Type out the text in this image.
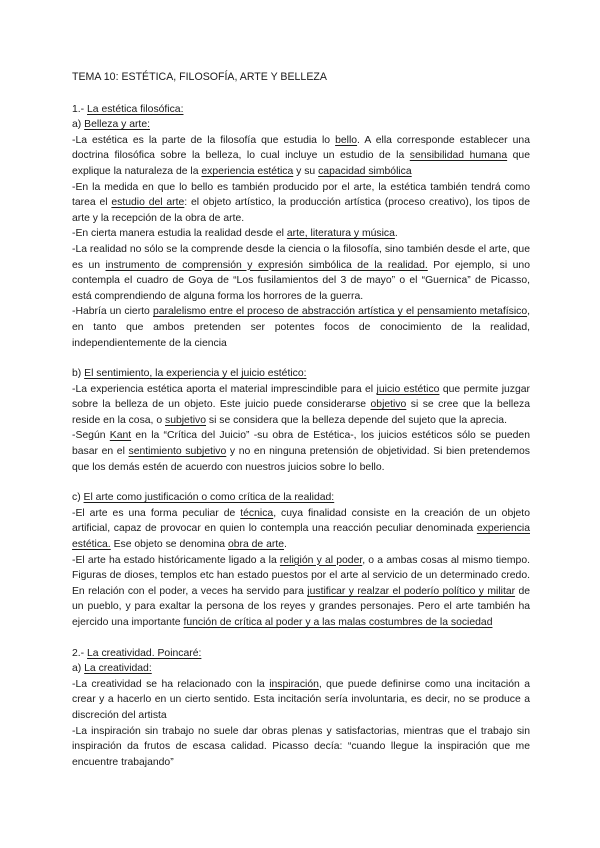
TEMA 10: ESTÉTICA, FILOSOFÍA, ARTE Y BELLEZA
1.- La estética filosófica:
a) Belleza y arte:
-La estética es la parte de la filosofía que estudia lo bello. A ella corresponde establecer una doctrina filosófica sobre la belleza, lo cual incluye un estudio de la sensibilidad humana que explique la naturaleza de la experiencia estética y su capacidad simbólica
-En la medida en que lo bello es también producido por el arte, la estética también tendrá como tarea el estudio del arte: el objeto artístico, la producción artística (proceso creativo), los tipos de arte y la recepción de la obra de arte.
-En cierta manera estudia la realidad desde el arte, literatura y música.
-La realidad no sólo se la comprende desde la ciencia o la filosofía, sino también desde el arte, que es un instrumento de comprensión y expresión simbólica de la realidad. Por ejemplo, si uno contempla el cuadro de Goya de “Los fusilamientos del 3 de mayo” o el “Guernica” de Picasso, está comprendiendo de alguna forma los horrores de la guerra.
-Habría un cierto paralelismo entre el proceso de abstracción artística y el pensamiento metafísico, en tanto que ambos pretenden ser potentes focos de conocimiento de la realidad, independientemente de la ciencia
b) El sentimiento, la experiencia y el juicio estético:
-La experiencia estética aporta el material imprescindible para el juicio estético que permite juzgar sobre la belleza de un objeto. Este juicio puede considerarse objetivo si se cree que la belleza reside en la cosa, o subjetivo si se considera que la belleza depende del sujeto que la aprecia.
-Según Kant en la “Crítica del Juicio” -su obra de Estética-, los juicios estéticos sólo se pueden basar en el sentimiento subjetivo y no en ninguna pretensión de objetividad. Si bien pretendemos que los demás estén de acuerdo con nuestros juicios sobre lo bello.
c) El arte como justificación o como crítica de la realidad:
-El arte es una forma peculiar de técnica, cuya finalidad consiste en la creación de un objeto artificial, capaz de provocar en quien lo contempla una reacción peculiar denominada experiencia estética. Ese objeto se denomina obra de arte.
-El arte ha estado históricamente ligado a la religión y al poder, o a ambas cosas al mismo tiempo. Figuras de dioses, templos etc han estado puestos por el arte al servicio de un determinado credo. En relación con el poder, a veces ha servido para justificar y realzar el poderío político y militar de un pueblo, y para exaltar la persona de los reyes y grandes personajes. Pero el arte también ha ejercido una importante función de crítica al poder y a las malas costumbres de la sociedad
2.- La creatividad. Poincaré:
a) La creatividad:
-La creatividad se ha relacionado con la inspiración, que puede definirse como una incitación a crear y a hacerlo en un cierto sentido. Esta incitación sería involuntaria, es decir, no se produce a discreción del artista
-La inspiración sin trabajo no suele dar obras plenas y satisfactorias, mientras que el trabajo sin inspiración da frutos de escasa calidad. Picasso decía: “cuando llegue la inspiración que me encuentre trabajando”
